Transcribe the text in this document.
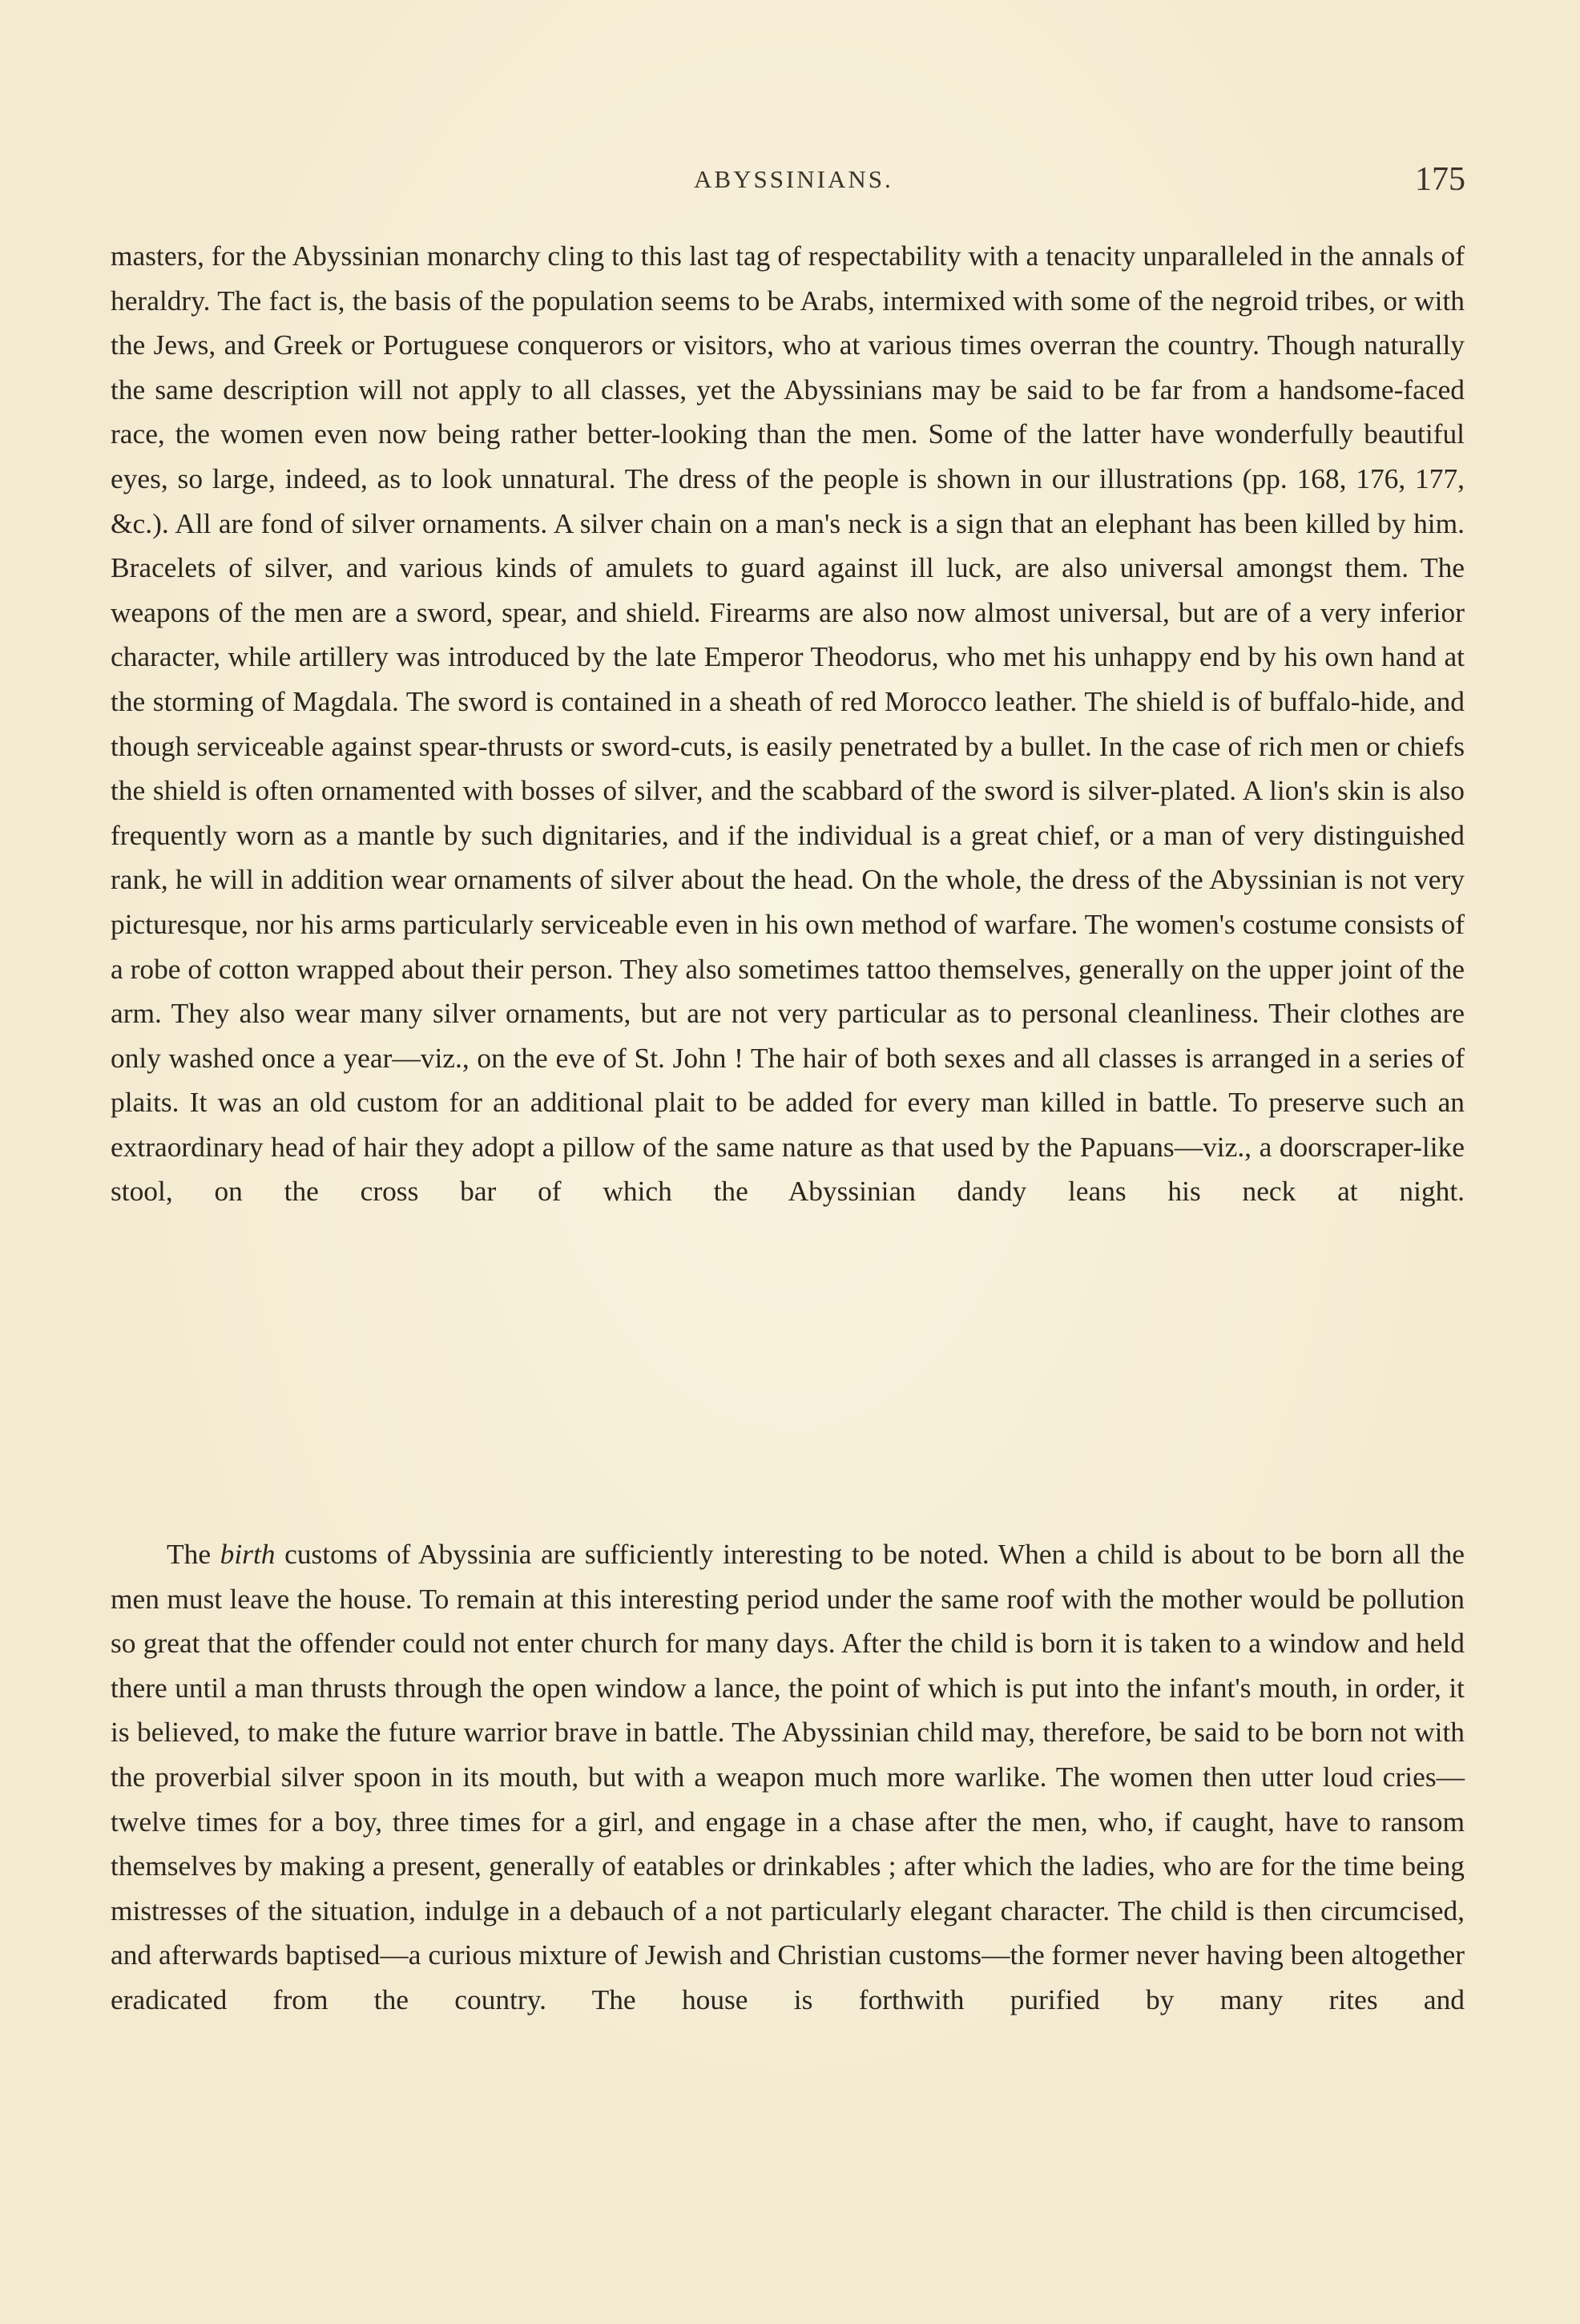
ABYSSINIANS.	175

masters, for the Abyssinian monarchy cling to this last tag of respectability with a tenacity unparalleled in the annals of heraldry. The fact is, the basis of the population seems to be Arabs, intermixed with some of the negroid tribes, or with the Jews, and Greek or Portuguese conquerors or visitors, who at various times overran the country. Though naturally the same description will not apply to all classes, yet the Abyssinians may be said to be far from a handsome-faced race, the women even now being rather better-looking than the men. Some of the latter have wonderfully beautiful eyes, so large, indeed, as to look unnatural. The dress of the people is shown in our illustrations (pp. 168, 176, 177, &c.). All are fond of silver ornaments. A silver chain on a man's neck is a sign that an elephant has been killed by him. Bracelets of silver, and various kinds of amulets to guard against ill luck, are also universal amongst them. The weapons of the men are a sword, spear, and shield. Firearms are also now almost universal, but are of a very inferior character, while artillery was introduced by the late Emperor Theodorus, who met his unhappy end by his own hand at the storming of Magdala. The sword is contained in a sheath of red Morocco leather. The shield is of buffalo-hide, and though serviceable against spear-thrusts or sword-cuts, is easily penetrated by a bullet. In the case of rich men or chiefs the shield is often ornamented with bosses of silver, and the scabbard of the sword is silver-plated. A lion's skin is also frequently worn as a mantle by such dignitaries, and if the individual is a great chief, or a man of very distinguished rank, he will in addition wear ornaments of silver about the head. On the whole, the dress of the Abyssinian is not very picturesque, nor his arms particularly serviceable even in his own method of warfare. The women's costume consists of a robe of cotton wrapped about their person. They also sometimes tattoo themselves, generally on the upper joint of the arm. They also wear many silver ornaments, but are not very particular as to personal cleanliness. Their clothes are only washed once a year—viz., on the eve of St. John ! The hair of both sexes and all classes is arranged in a series of plaits. It was an old custom for an additional plait to be added for every man killed in battle. To preserve such an extraordinary head of hair they adopt a pillow of the same nature as that used by the Papuans—viz., a doorscraper-like stool, on the cross bar of which the Abyssinian dandy leans his neck at night.

The birth customs of Abyssinia are sufficiently interesting to be noted. When a child is about to be born all the men must leave the house. To remain at this interesting period under the same roof with the mother would be pollution so great that the offender could not enter church for many days. After the child is born it is taken to a window and held there until a man thrusts through the open window a lance, the point of which is put into the infant's mouth, in order, it is believed, to make the future warrior brave in battle. The Abyssinian child may, therefore, be said to be born not with the proverbial silver spoon in its mouth, but with a weapon much more warlike. The women then utter loud cries—twelve times for a boy, three times for a girl, and engage in a chase after the men, who, if caught, have to ransom themselves by making a present, generally of eatables or drinkables ; after which the ladies, who are for the time being mistresses of the situation, indulge in a debauch of a not particularly elegant character. The child is then circumcised, and afterwards baptised—a curious mixture of Jewish and Christian customs—the former never having been altogether eradicated from the country. The house is forthwith purified by many rites and
